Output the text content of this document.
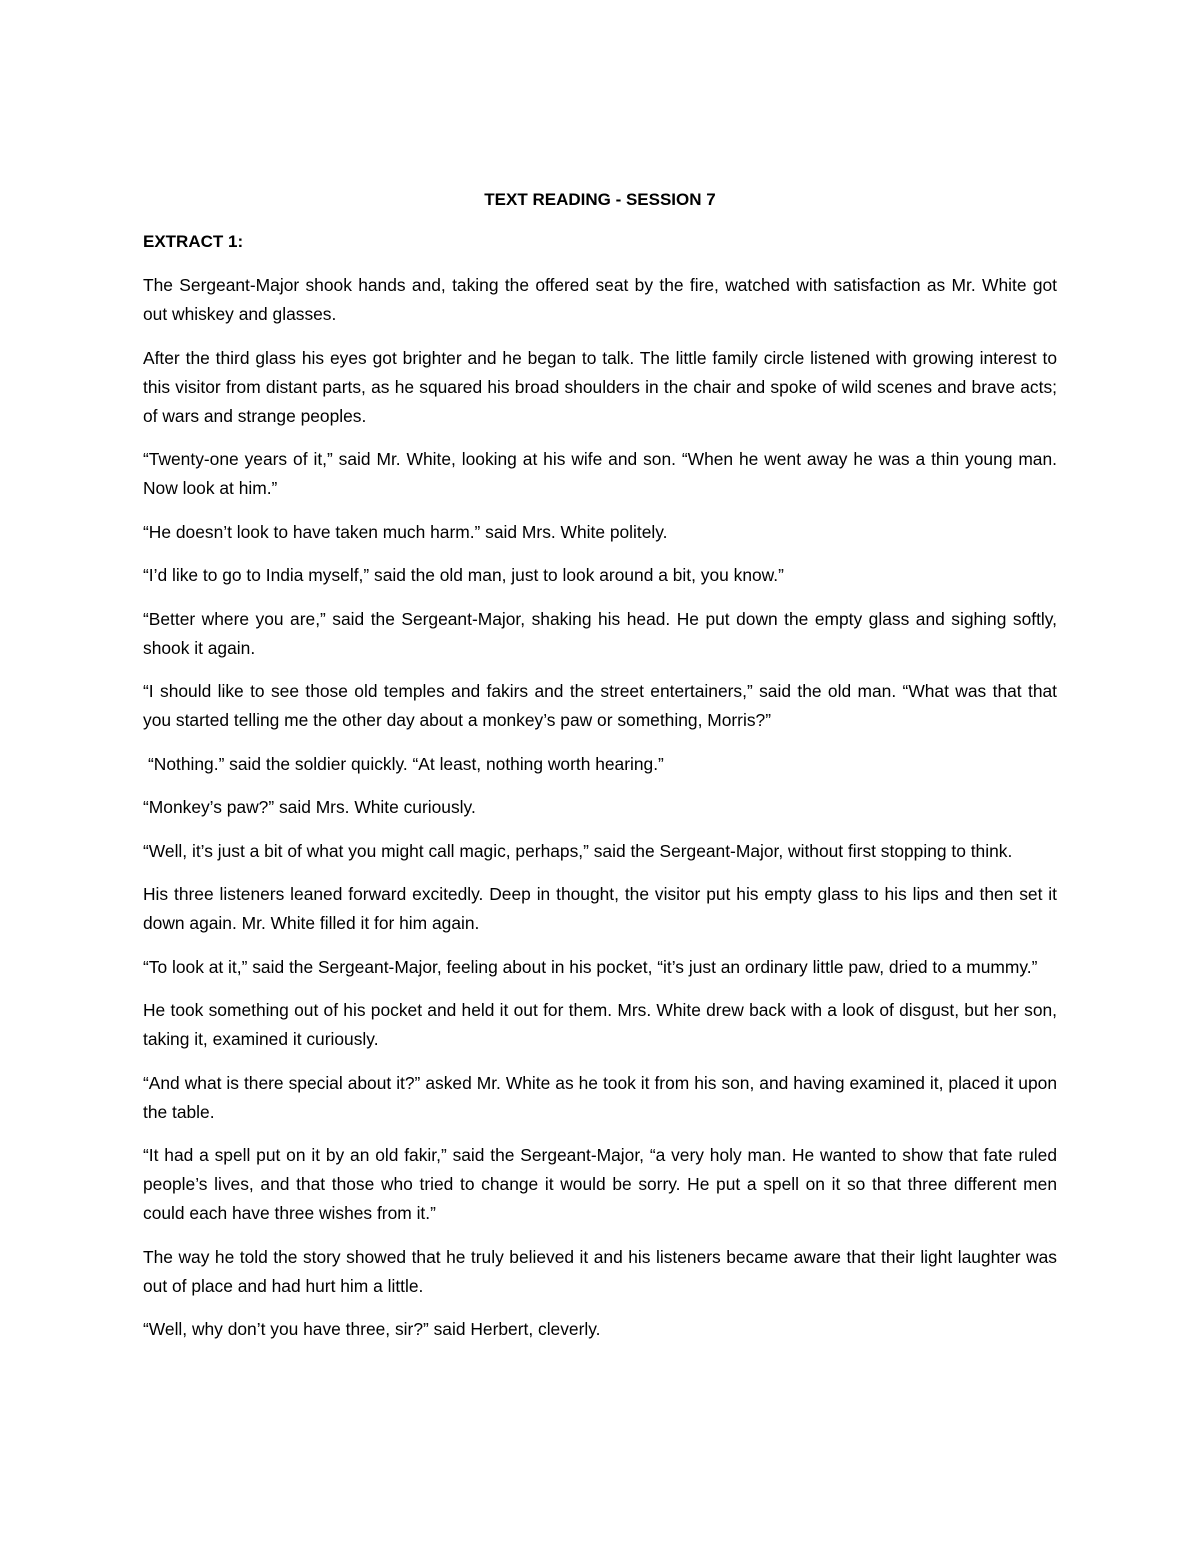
TEXT READING - SESSION 7
EXTRACT 1:

The Sergeant-Major shook hands and, taking the offered seat by the fire, watched with satisfaction as Mr. White got out whiskey and glasses.

After the third glass his eyes got brighter and he began to talk. The little family circle listened with growing interest to this visitor from distant parts, as he squared his broad shoulders in the chair and spoke of wild scenes and brave acts; of wars and strange peoples.

“Twenty-one years of it,” said Mr. White, looking at his wife and son. “When he went away he was a thin young man. Now look at him.”

“He doesn’t look to have taken much harm.” said Mrs. White politely.

“I’d like to go to India myself,” said the old man, just to look around a bit, you know.”

“Better where you are,” said the Sergeant-Major, shaking his head. He put down the empty glass and sighing softly, shook it again.

“I should like to see those old temples and fakirs and the street entertainers,” said the old man. “What was that that you started telling me the other day about a monkey’s paw or something, Morris?”

“Nothing.” said the soldier quickly. “At least, nothing worth hearing.”

“Monkey’s paw?” said Mrs. White curiously.

“Well, it’s just a bit of what you might call magic, perhaps,” said the Sergeant-Major, without first stopping to think.

His three listeners leaned forward excitedly. Deep in thought, the visitor put his empty glass to his lips and then set it down again. Mr. White filled it for him again.

“To look at it,” said the Sergeant-Major, feeling about in his pocket, “it’s just an ordinary little paw, dried to a mummy.”

He took something out of his pocket and held it out for them. Mrs. White drew back with a look of disgust, but her son, taking it, examined it curiously.

“And what is there special about it?” asked Mr. White as he took it from his son, and having examined it, placed it upon the table.

“It had a spell put on it by an old fakir,” said the Sergeant-Major, “a very holy man. He wanted to show that fate ruled people’s lives, and that those who tried to change it would be sorry. He put a spell on it so that three different men could each have three wishes from it.”

The way he told the story showed that he truly believed it and his listeners became aware that their light laughter was out of place and had hurt him a little.

“Well, why don’t you have three, sir?” said Herbert, cleverly.
